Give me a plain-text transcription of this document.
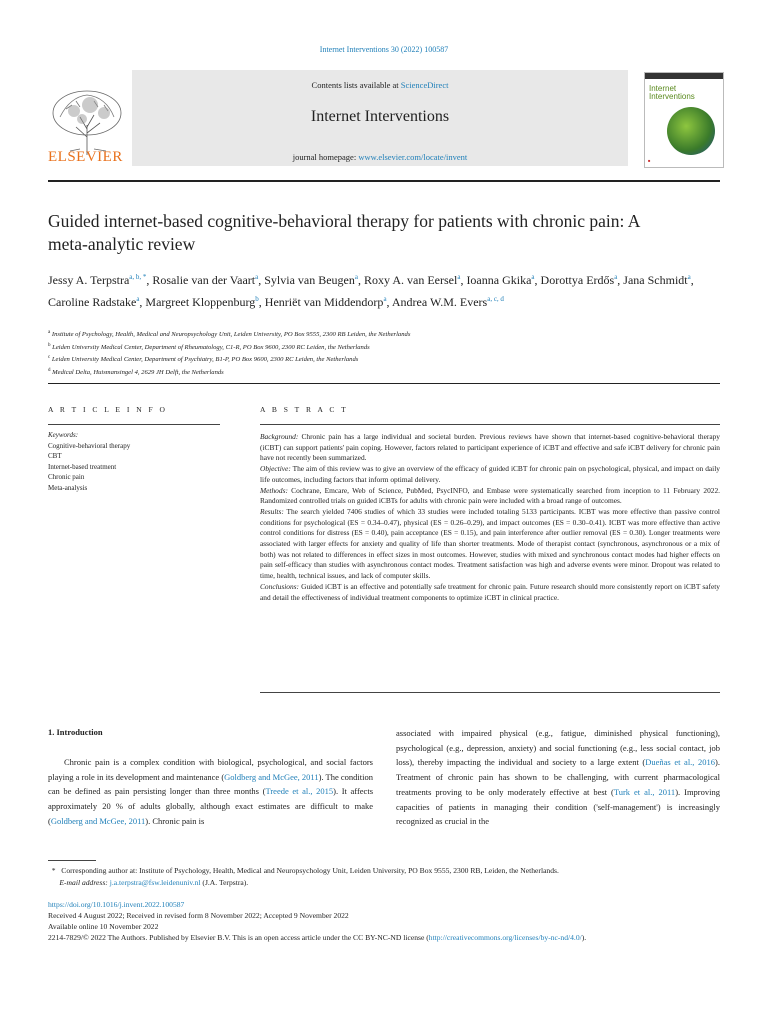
Internet Interventions 30 (2022) 100587
ELSEVIER
Contents lists available at ScienceDirect
Internet Interventions
journal homepage: www.elsevier.com/locate/invent
Internet
Interventions
■
Guided internet-based cognitive-behavioral therapy for patients with chronic pain: A meta-analytic review
Jessy A. Terpstra$^{a, b, *}$, Rosalie van der Vaart$^a$, Sylvia van Beugen$^a$, Roxy A. van Eersel$^a$, Ioanna Gkika$^a$, Dorottya Erdős$^a$, Jana Schmidt$^a$, Caroline Radstake$^a$, Margreet Kloppenburg$^b$, Henriët van Middendorp$^a$, Andrea W.M. Evers$^{a, c, d}$
$^a$ Institute of Psychology, Health, Medical and Neuropsychology Unit, Leiden University, PO Box 9555, 2300 RB Leiden, the Netherlands
$^b$ Leiden University Medical Center, Department of Rheumatology, C1-R, PO Box 9600, 2300 RC Leiden, the Netherlands
$^c$ Leiden University Medical Center, Department of Psychiatry, B1-P, PO Box 9600, 2300 RC Leiden, the Netherlands
$^d$ Medical Delta, Huismansingel 4, 2629 JH Delft, the Netherlands
A R T I C L E I N F O	A B S T R A C T
Keywords:
Cognitive-behavioral therapy
CBT
Internet-based treatment
Chronic pain
Meta-analysis

Background: Chronic pain has a large individual and societal burden. Previous reviews have shown that internet-based cognitive-behavioral therapy (iCBT) can support patients' pain coping. However, factors related to participant experience of iCBT and effective and safe iCBT delivery for chronic pain have not recently been summarized.

Objective: The aim of this review was to give an overview of the efficacy of guided iCBT for chronic pain on psychological, physical, and impact on daily life outcomes, including factors that inform optimal delivery.

Methods: Cochrane, Emcare, Web of Science, PubMed, PsycINFO, and Embase were systematically searched from inception to 11 February 2022. Randomized controlled trials on guided iCBTs for adults with chronic pain were included with a broad range of outcomes.

Results: The search yielded 7406 studies of which 33 studies were included totaling 5133 participants. ICBT was more effective than passive control conditions for psychological (ES = 0.34–0.47), physical (ES = 0.26–0.29), and impact outcomes (ES = 0.30–0.41). ICBT was more effective than active control conditions for distress (ES = 0.40), pain acceptance (ES = 0.15), and pain interference after outlier removal (ES = 0.30). Longer treatments were associated with larger effects for anxiety and quality of life than shorter treatments. Mode of therapist contact (synchronous, asynchronous or a mix of both) was not related to differences in effect sizes in most outcomes. However, studies with mixed and synchronous contact modes had higher effects on pain self-efficacy than studies with asynchronous contact modes. Treatment satisfaction was high and adverse events were minor. Dropout was related to time, health, technical issues, and lack of computer skills.

Conclusions: Guided iCBT is an effective and potentially safe treatment for chronic pain. Future research should more consistently report on iCBT safety and detail the effectiveness of individual treatment components to optimize iCBT in clinical practice.

1. Introduction
Chronic pain is a complex condition with biological, psychological, and social factors playing a role in its development and maintenance (Goldberg and McGee, 2011). The condition can be defined as pain persisting longer than three months (Treede et al., 2015). It affects approximately 20 % of adults globally, although exact estimates are difficult to make (Goldberg and McGee, 2011). Chronic pain is
associated with impaired physical (e.g., fatigue, diminished physical functioning), psychological (e.g., depression, anxiety) and social functioning (e.g., less social contact, job loss), thereby impacting the individual and society to a large extent (Dueñas et al., 2016). Treatment of chronic pain has shown to be challenging, with current pharmacological treatments proving to be only moderately effective at best (Turk et al., 2011). Improving capacities of patients in managing their condition ('self-management') is increasingly recognized as crucial in the
* Corresponding author at: Institute of Psychology, Health, Medical and Neuropsychology Unit, Leiden University, PO Box 9555, 2300 RB, Leiden, the Netherlands.
E-mail address: j.a.terpstra@fsw.leidenuniv.nl (J.A. Terpstra).
https://doi.org/10.1016/j.invent.2022.100587
Received 4 August 2022; Received in revised form 8 November 2022; Accepted 9 November 2022
Available online 10 November 2022
2214-7829/© 2022 The Authors. Published by Elsevier B.V. This is an open access article under the CC BY-NC-ND license (http://creativecommons.org/licenses/by-nc-nd/4.0/).
